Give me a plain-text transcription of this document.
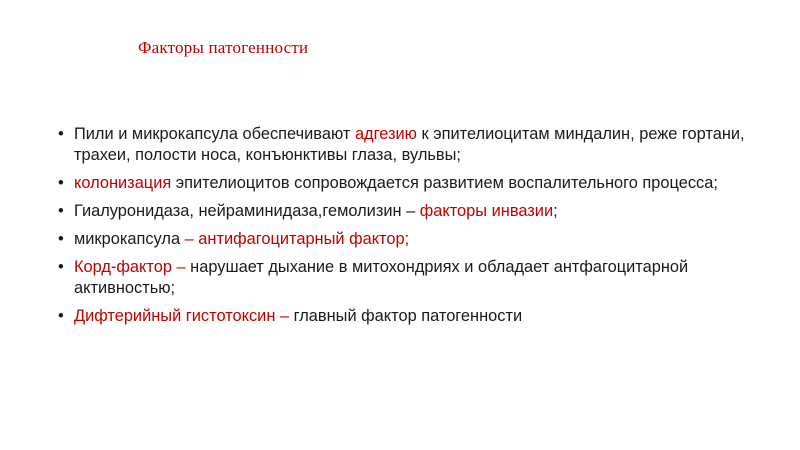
Факторы патогенности
• Пили и микрокапсула обеспечивают адгезию к эпителиоцитам миндалин, реже гортани, трахеи, полости носа, конъюнктивы глаза, вульвы;
• колонизация эпителиоцитов сопровождается развитием воспалительного процесса;
• Гиалуронидаза, нейраминидаза,гемолизин – факторы инвазии;
• микрокапсула – антифагоцитарный фактор;
• Корд-фактор – нарушает дыхание в митохондриях и обладает антфагоцитарной активностью;
• Дифтерийный гистотоксин – главный фактор патогенности
